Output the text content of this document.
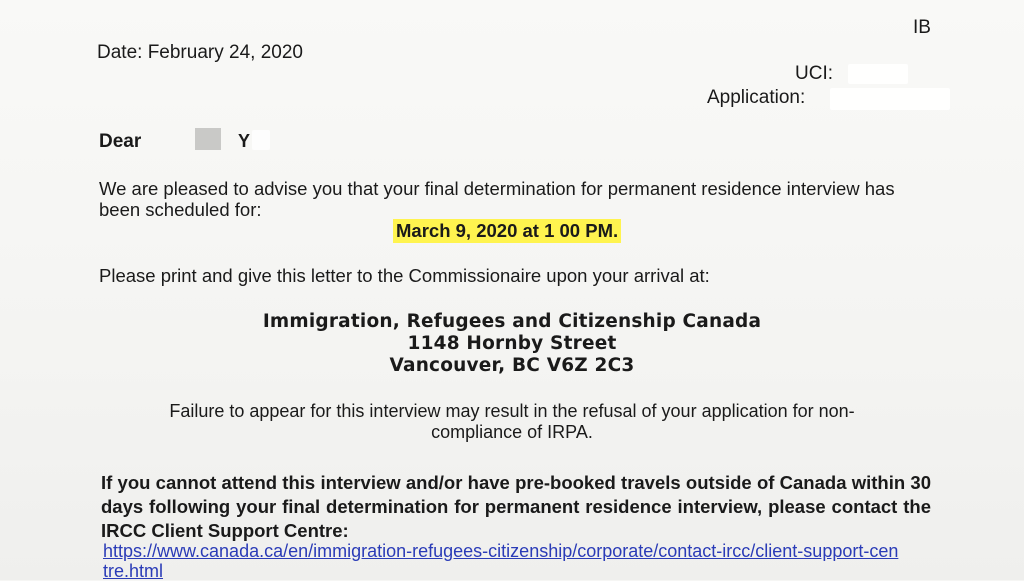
IB
Date: February 24, 2020
UCI:
Application:
Dear	Y
We are pleased to advise you that your final determination for permanent residence interview has been scheduled for:
March 9, 2020 at 1 00 PM.
Please print and give this letter to the Commissionaire upon your arrival at:
Immigration, Refugees and Citizenship Canada
1148 Hornby Street
Vancouver, BC V6Z 2C3
Failure to appear for this interview may result in the refusal of your application for non-compliance of IRPA.
If you cannot attend this interview and/or have pre-booked travels outside of Canada within 30 days following your final determination for permanent residence interview, please contact the IRCC Client Support Centre:
https://www.canada.ca/en/immigration-refugees-citizenship/corporate/contact-ircc/client-support-centre.html
